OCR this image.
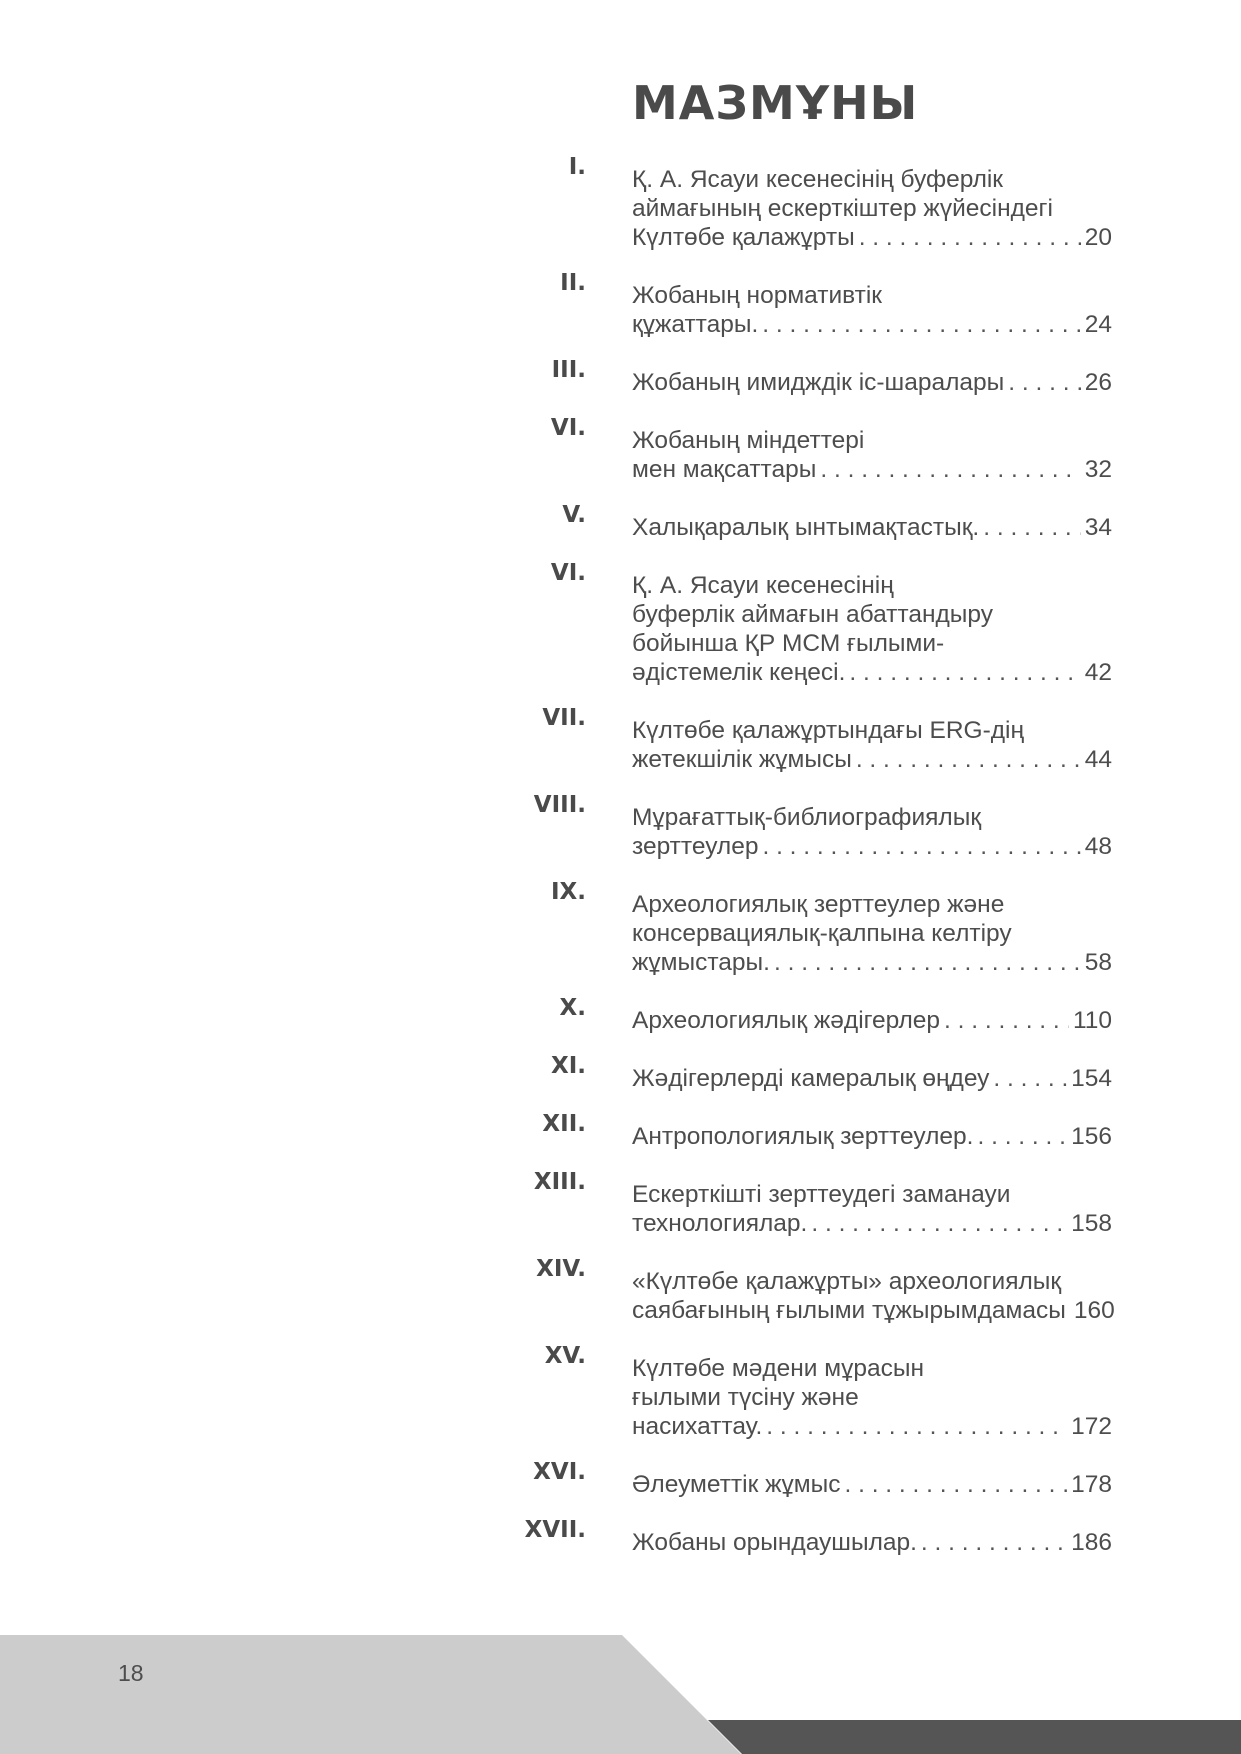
МАЗМҰНЫ
I. Қ. А. Ясауи кесенесінің буферлік
аймағының ескерткіштер жүйесіндегі
Күлтөбе қалажұрты . . .	20
II. Жобаның нормативтік
құжаттары. . . .	24
III. Жобаның имидждік іс-шаралары . . .	26
VI. Жобаның міндеттері
мен мақсаттары . . .	32
V. Халықаралық ынтымақтастық. . . .	34
VI. Қ. А. Ясауи кесенесінің
буферлік аймағын абаттандыру
бойынша ҚР МСМ ғылыми-
әдістемелік кеңесі. . . .	42
VII. Күлтөбе қалажұртындағы ERG-дің
жетекшілік жұмысы . . .	44
VIII. Мұрағаттық-библиографиялық
зерттеулер . . .	48
IX. Археологиялық зерттеулер және
консервациялық-қалпына келтіру
жұмыстары. . . .	58
X. Археологиялық жәдігерлер . . .	110
XI. Жәдігерлерді камералық өңдеу . . .	154
XII. Антропологиялық зерттеулер. . . .	156
XIII. Ескерткішті зерттеудегі заманауи
технологиялар. . . .	158
XIV. «Күлтөбе қалажұрты» археологиялық
саябағының ғылыми тұжырымдамасы 160
XV. Күлтөбе мәдени мұрасын
ғылыми түсіну және
насихаттау. . . .	172
XVI. Әлеуметтік жұмыс . . .	178
XVII. Жобаны орындаушылар. . . .	186
18
